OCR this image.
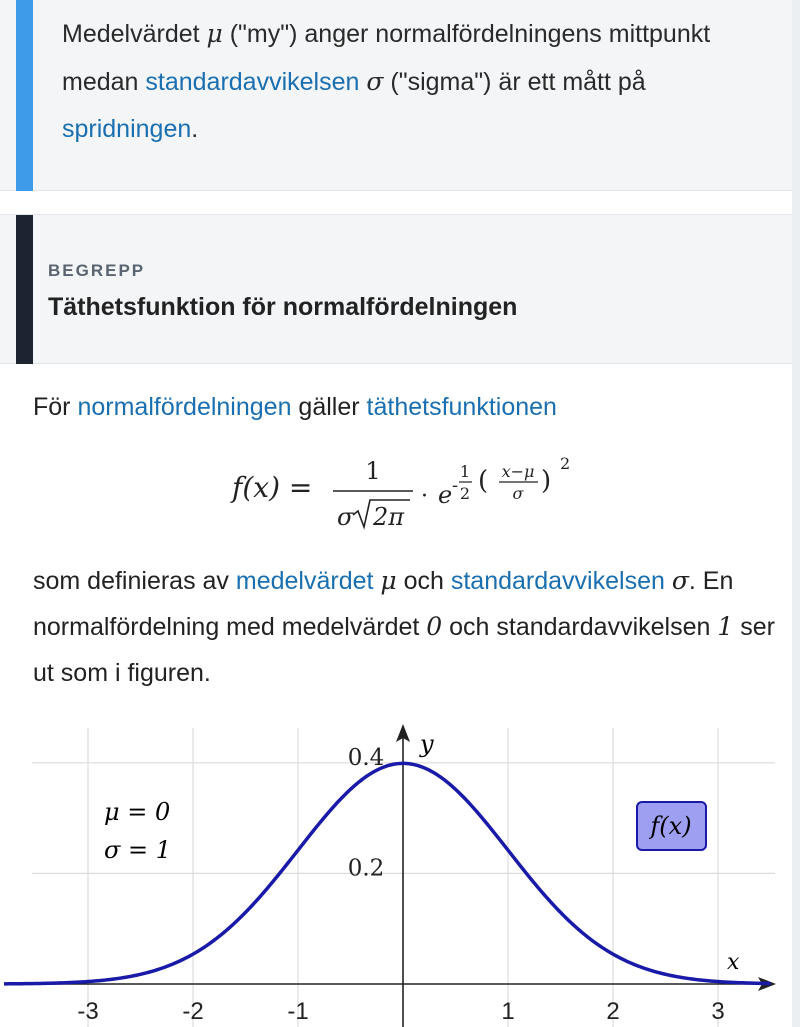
Medelvärdet μ ("my") anger normalfördelningens mittpunkt
medan standardavvikelsen σ ("sigma") är ett mått på
spridningen.
BEGREPP
Täthetsfunktion för normalfördelningen
För normalfördelningen gäller täthetsfunktionen
f(x) = 1
σ 2π
· e -
1
2 ( x−μ
σ )
2
som definieras av medelvärdet μ och standardavvikelsen σ. En normalfördelning med medelvärdet 0 och standardavvikelsen 1 ser ut som i figuren.
-3	-2	-1	1	2	3
0.2
0.4 y
x
μ = 0
σ = 1
f(x)
